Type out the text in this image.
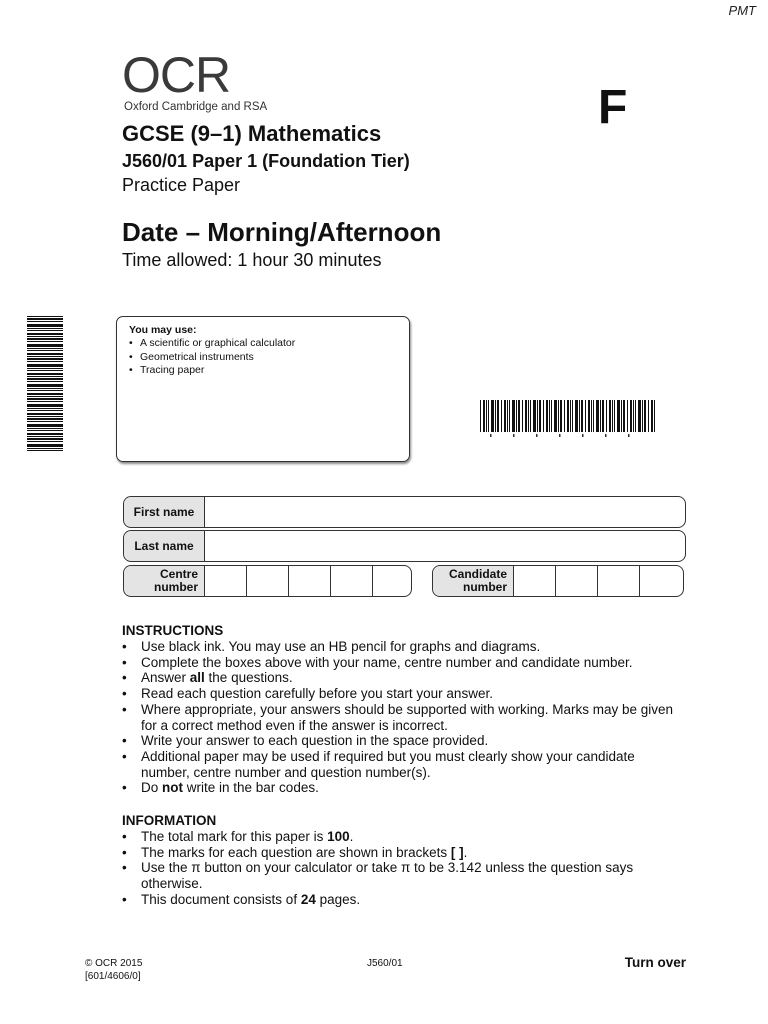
PMT
OCR
Oxford Cambridge and RSA	F
GCSE (9–1) Mathematics
J560/01 Paper 1 (Foundation Tier)
Practice Paper
Date – Morning/Afternoon
Time allowed: 1 hour 30 minutes
You may use:
• A scientific or graphical calculator
• Geometrical instruments
• Tracing paper
First name
Last name
Centre number
Candidate number
INSTRUCTIONS
• Use black ink. You may use an HB pencil for graphs and diagrams.
• Complete the boxes above with your name, centre number and candidate number.
• Answer all the questions.
• Read each question carefully before you start your answer.
• Where appropriate, your answers should be supported with working. Marks may be given for a correct method even if the answer is incorrect.
• Write your answer to each question in the space provided.
• Additional paper may be used if required but you must clearly show your candidate number, centre number and question number(s).
• Do not write in the bar codes.
INFORMATION
• The total mark for this paper is 100.
• The marks for each question are shown in brackets [ ].
• Use the π button on your calculator or take π to be 3.142 unless the question says otherwise.
• This document consists of 24 pages.
© OCR 2015
[601/4606/0]
J560/01	Turn over
